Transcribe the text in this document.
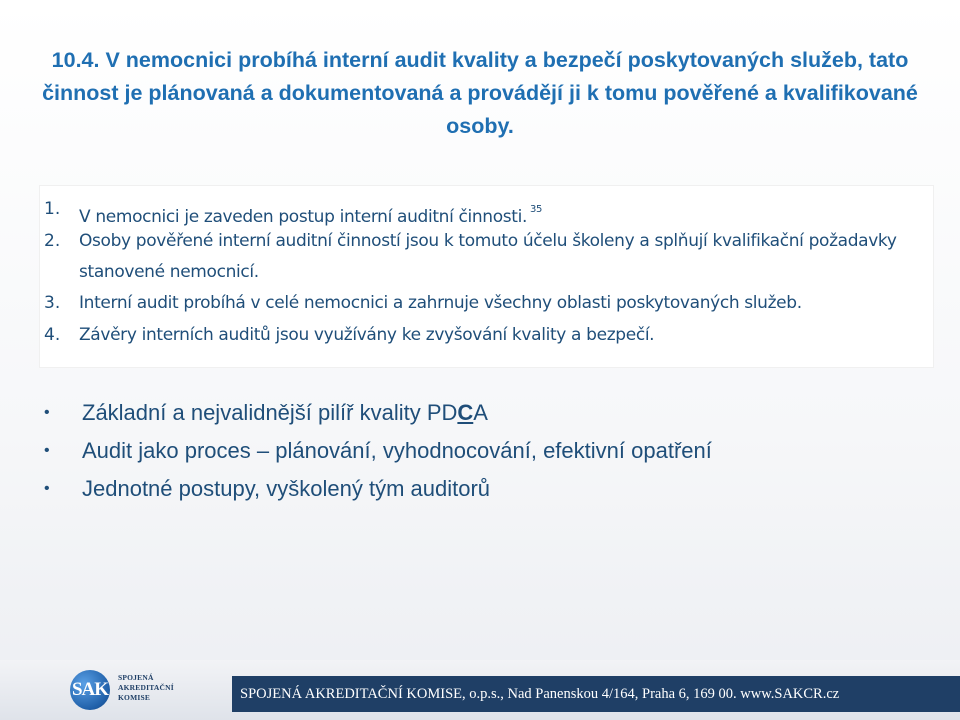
10.4. V nemocnici probíhá interní audit kvality a bezpečí poskytovaných služeb, tato činnost je plánovaná a dokumentovaná a provádějí ji k tomu pověřené a kvalifikované
osoby.
1.	V nemocnici je zaveden postup interní auditní činnosti. $^{35}$
2.	Osoby pověřené interní auditní činností jsou k tomuto účelu školeny a splňují kvalifikační požadavky stanovené nemocnicí.
3.	Interní audit probíhá v celé nemocnici a zahrnuje všechny oblasti poskytovaných služeb.
4.	Závěry interních auditů jsou využívány ke zvyšování kvality a bezpečí.
• Základní a nejvalidnější pilíř kvality PDCA
• Audit jako proces – plánování, vyhodnocování, efektivní opatření
• Jednotné postupy, vyškolený tým auditorů
SAK
SPOJENÁ
AKREDITAČNÍ
KOMISE	SPOJENÁ AKREDITAČNÍ KOMISE, o.p.s., Nad Panenskou 4/164, Praha 6, 169 00. www.SAKCR.cz
